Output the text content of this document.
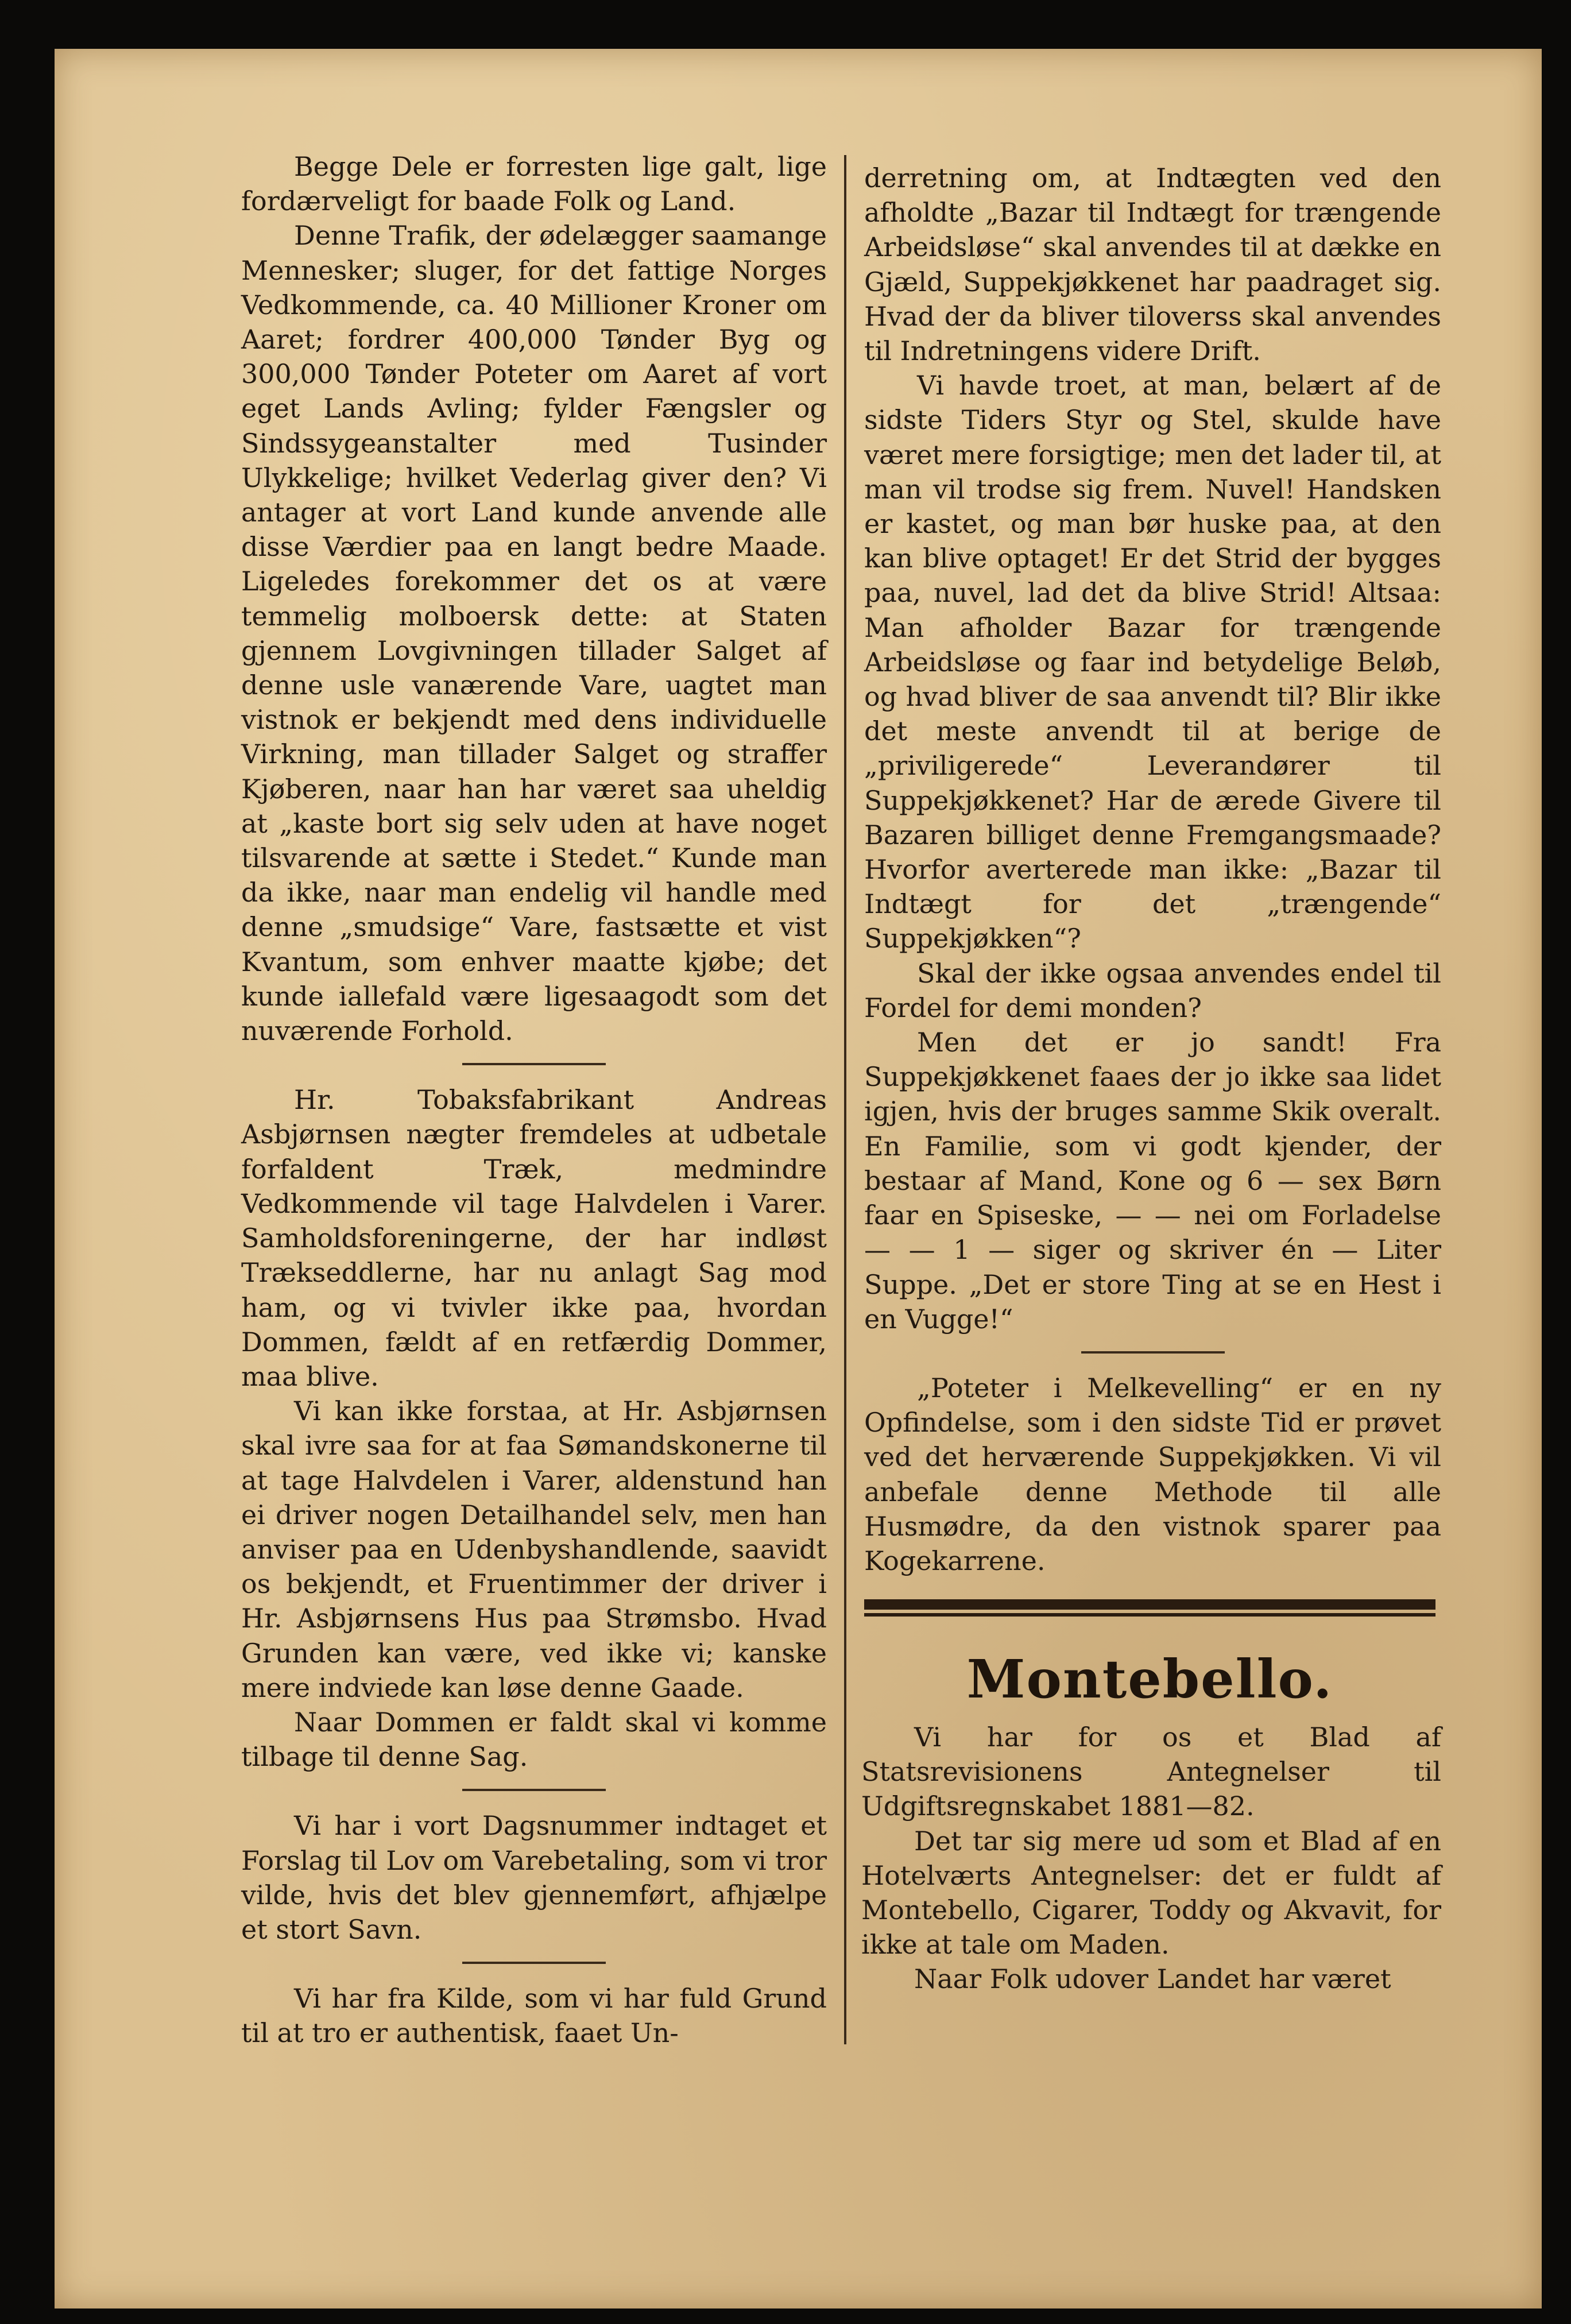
Begge Dele er forresten lige galt, lige fordærveligt for baade Folk og Land.

Denne Trafik, der ødelægger saamange Mennesker; sluger, for det fattige Norges Vedkommende, ca. 40 Millioner Kroner om Aaret; fordrer 400,000 Tønder Byg og 300,000 Tønder Poteter om Aaret af vort eget Lands Avling; fylder Fængsler og Sindssygeanstalter med Tusinder Ulykkelige; hvilket Vederlag giver den? Vi antager at vort Land kunde anvende alle disse Værdier paa en langt bedre Maade. Ligeledes forekommer det os at være temmelig molboersk dette: at Staten gjennem Lovgivningen tillader Salget af denne usle vanærende Vare, uagtet man vistnok er bekjendt med dens individuelle Virkning, man tillader Salget og straffer Kjøberen, naar han har været saa uheldig at „kaste bort sig selv uden at have noget tilsvarende at sætte i Stedet.“ Kunde man da ikke, naar man endelig vil handle med denne „smudsige“ Vare, fastsætte et vist Kvantum, som enhver maatte kjøbe; det kunde iallefald være ligesaagodt som det nuværende Forhold.

Hr. Tobaksfabrikant Andreas Asbjørnsen nægter fremdeles at udbetale forfaldent Træk, medmindre Vedkommende vil tage Halvdelen i Varer. Samholdsforeningerne, der har indløst Trækseddlerne, har nu anlagt Sag mod ham, og vi tvivler ikke paa, hvordan Dommen, fældt af en retfærdig Dommer, maa blive.

Vi kan ikke forstaa, at Hr. Asbjørnsen skal ivre saa for at faa Sømandskonerne til at tage Halvdelen i Varer, aldenstund han ei driver nogen Detailhandel selv, men han anviser paa en Udenbyshandlende, saavidt os bekjendt, et Fruentimmer der driver i Hr. Asbjørnsens Hus paa Strømsbo. Hvad Grunden kan være, ved ikke vi; kanske mere indviede kan løse denne Gaade.

Naar Dommen er faldt skal vi komme tilbage til denne Sag.

Vi har i vort Dagsnummer indtaget et Forslag til Lov om Varebetaling, som vi tror vilde, hvis det blev gjennemført, afhjælpe et stort Savn.

Vi har fra Kilde, som vi har fuld Grund til at tro er authentisk, faaet Un-

derretning om, at Indtægten ved den afholdte „Bazar til Indtægt for trængende Arbeidsløse“ skal anvendes til at dække en Gjæld, Suppekjøkkenet har paadraget sig. Hvad der da bliver tiloverss skal anvendes til Indretningens videre Drift.

Vi havde troet, at man, belært af de sidste Tiders Styr og Stel, skulde have været mere forsigtige; men det lader til, at man vil trodse sig frem. Nuvel! Handsken er kastet, og man bør huske paa, at den kan blive optaget! Er det Strid der bygges paa, nuvel, lad det da blive Strid! Altsaa: Man afholder Bazar for trængende Arbeidsløse og faar ind betydelige Beløb, og hvad bliver de saa anvendt til? Blir ikke det meste anvendt til at berige de „priviligerede“ Leverandører til Suppekjøkkenet? Har de ærede Givere til Bazaren billiget denne Fremgangsmaade? Hvorfor averterede man ikke: „Bazar til Indtægt for det „trængende“ Suppekjøkken“?

Skal der ikke ogsaa anvendes endel til Fordel for demi monden?

Men det er jo sandt! Fra Suppekjøkkenet faaes der jo ikke saa lidet igjen, hvis der bruges samme Skik overalt. En Familie, som vi godt kjender, der bestaar af Mand, Kone og 6 — sex Børn faar en Spiseske, — — nei om Forladelse — — 1 — siger og skriver én — Liter Suppe. „Det er store Ting at se en Hest i en Vugge!“

„Poteter i Melkevelling“ er en ny Opfindelse, som i den sidste Tid er prøvet ved det herværende Suppekjøkken. Vi vil anbefale denne Methode til alle Husmødre, da den vistnok sparer paa Kogekarrene.

Montebello.

Vi har for os et Blad af Statsrevisionens Antegnelser til Udgiftsregnskabet 1881—82.

Det tar sig mere ud som et Blad af en Hotelværts Antegnelser: det er fuldt af Montebello, Cigarer, Toddy og Akvavit, for ikke at tale om Maden.

Naar Folk udover Landet har været
